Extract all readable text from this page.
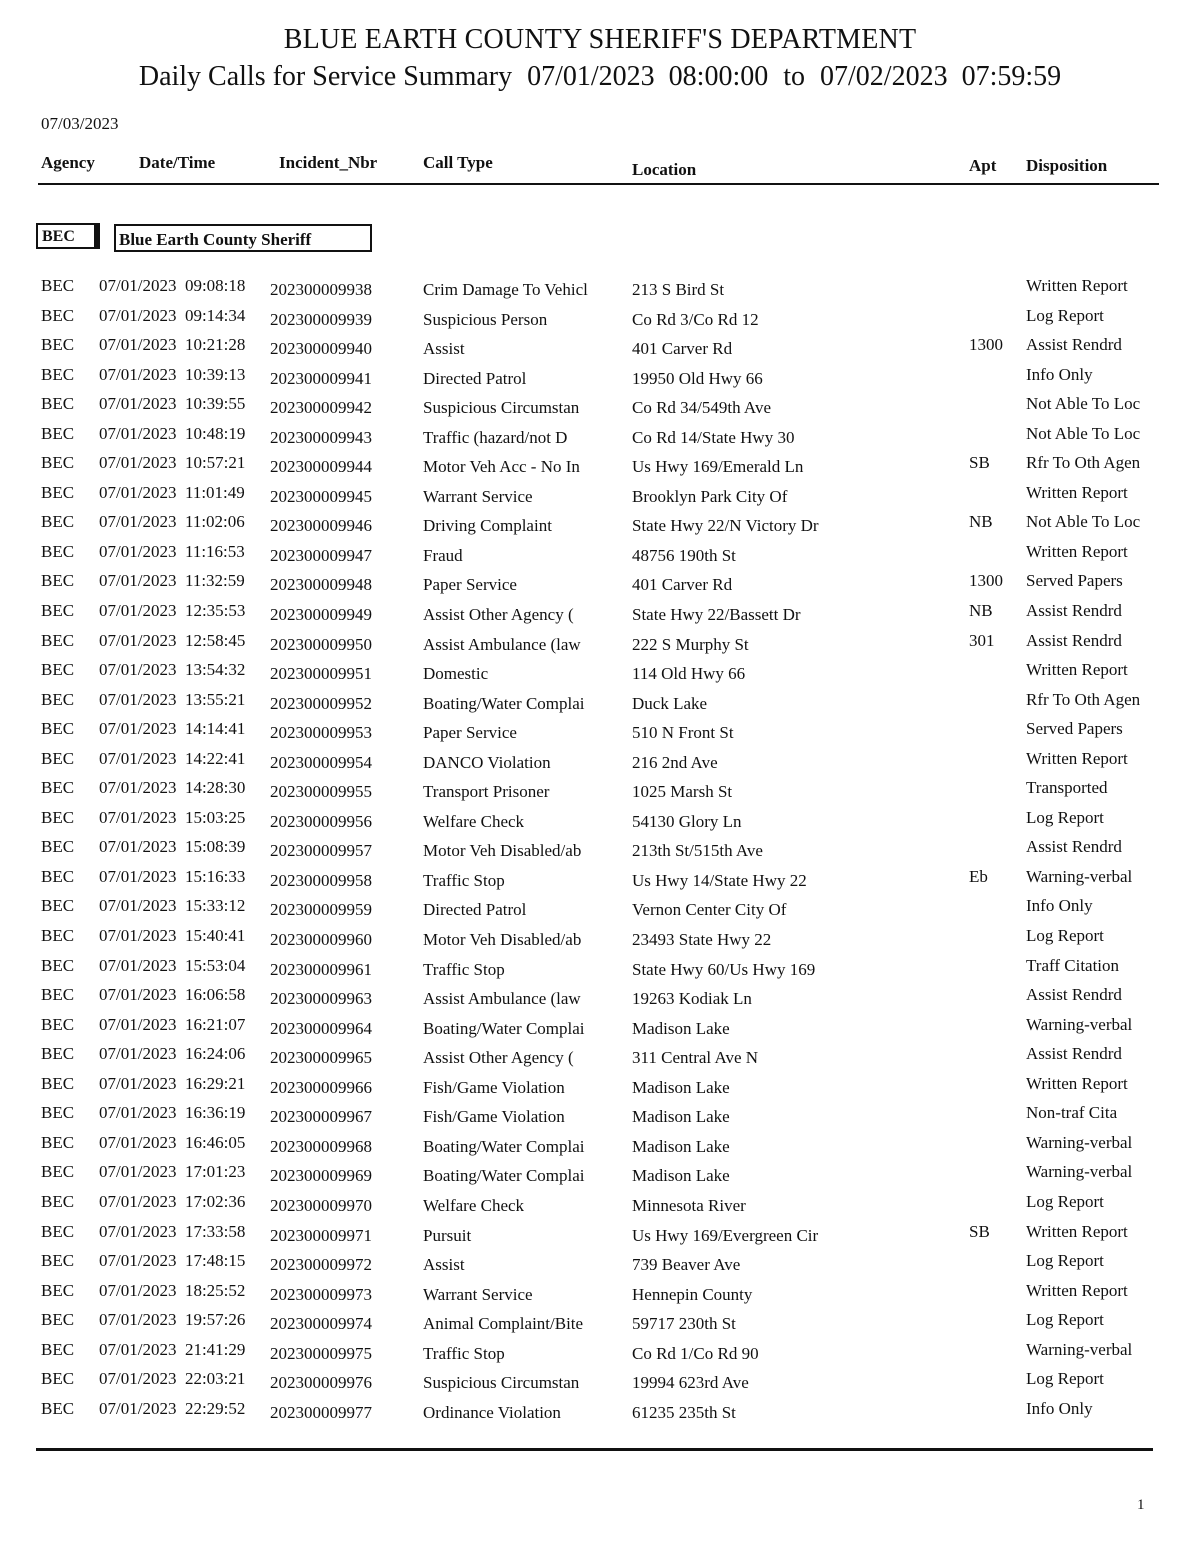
BLUE EARTH COUNTY SHERIFF'S DEPARTMENT
Daily Calls for Service Summary 07/01/2023  08:00:00 to 07/02/2023  07:59:59
07/03/2023
Agency	Date/Time	Incident_Nbr	Call Type	Location	Apt Disposition
BEC	Blue Earth County Sheriff
BEC 07/01/2023  09:08:18 202300009938	Crim Damage To Vehicl	213 S Bird St	Written Report
BEC 07/01/2023  09:14:34 202300009939	Suspicious Person	Co Rd 3/Co Rd 12	Log Report
BEC 07/01/2023  10:21:28 202300009940	Assist	401 Carver Rd	1300 Assist Rendrd
BEC 07/01/2023  10:39:13 202300009941	Directed Patrol	19950 Old Hwy 66	Info Only
BEC 07/01/2023  10:39:55 202300009942	Suspicious Circumstan	Co Rd 34/549th Ave	Not Able To Loc
BEC 07/01/2023  10:48:19 202300009943	Traffic (hazard/not D	Co Rd 14/State Hwy 30	Not Able To Loc
BEC 07/01/2023  10:57:21 202300009944	Motor Veh Acc - No In	Us Hwy 169/Emerald Ln	SB Rfr To Oth Agen
BEC 07/01/2023  11:01:49 202300009945	Warrant Service	Brooklyn Park City Of	Written Report
BEC 07/01/2023  11:02:06 202300009946	Driving Complaint	State Hwy 22/N Victory Dr	NB Not Able To Loc
BEC 07/01/2023  11:16:53 202300009947	Fraud	48756 190th St	Written Report
BEC 07/01/2023  11:32:59 202300009948	Paper Service	401 Carver Rd	1300 Served Papers
BEC 07/01/2023  12:35:53 202300009949	Assist Other Agency (	State Hwy 22/Bassett Dr	NB Assist Rendrd
BEC 07/01/2023  12:58:45 202300009950	Assist Ambulance (law	222 S Murphy St	301 Assist Rendrd
BEC 07/01/2023  13:54:32 202300009951	Domestic	114 Old Hwy 66	Written Report
BEC 07/01/2023  13:55:21 202300009952	Boating/Water Complai	Duck Lake	Rfr To Oth Agen
BEC 07/01/2023  14:14:41 202300009953	Paper Service	510 N Front St	Served Papers
BEC 07/01/2023  14:22:41 202300009954	DANCO Violation	216 2nd Ave	Written Report
BEC 07/01/2023  14:28:30 202300009955	Transport Prisoner	1025 Marsh St	Transported
BEC 07/01/2023  15:03:25 202300009956	Welfare Check	54130 Glory Ln	Log Report
BEC 07/01/2023  15:08:39 202300009957	Motor Veh Disabled/ab	213th St/515th Ave	Assist Rendrd
BEC 07/01/2023  15:16:33 202300009958	Traffic Stop	Us Hwy 14/State Hwy 22	Eb Warning-verbal
BEC 07/01/2023  15:33:12 202300009959	Directed Patrol	Vernon Center City Of	Info Only
BEC 07/01/2023  15:40:41 202300009960	Motor Veh Disabled/ab	23493 State Hwy 22	Log Report
BEC 07/01/2023  15:53:04 202300009961	Traffic Stop	State Hwy 60/Us Hwy 169	Traff Citation
BEC 07/01/2023  16:06:58 202300009963	Assist Ambulance (law	19263 Kodiak Ln	Assist Rendrd
BEC 07/01/2023  16:21:07 202300009964	Boating/Water Complai	Madison Lake	Warning-verbal
BEC 07/01/2023  16:24:06 202300009965	Assist Other Agency (	311 Central Ave N	Assist Rendrd
BEC 07/01/2023  16:29:21 202300009966	Fish/Game Violation	Madison Lake	Written Report
BEC 07/01/2023  16:36:19 202300009967	Fish/Game Violation	Madison Lake	Non-traf Cita
BEC 07/01/2023  16:46:05 202300009968	Boating/Water Complai	Madison Lake	Warning-verbal
BEC 07/01/2023  17:01:23 202300009969	Boating/Water Complai	Madison Lake	Warning-verbal
BEC 07/01/2023  17:02:36 202300009970	Welfare Check	Minnesota River	Log Report
BEC 07/01/2023  17:33:58 202300009971	Pursuit	Us Hwy 169/Evergreen Cir	SB Written Report
BEC 07/01/2023  17:48:15 202300009972	Assist	739 Beaver Ave	Log Report
BEC 07/01/2023  18:25:52 202300009973	Warrant Service	Hennepin County	Written Report
BEC 07/01/2023  19:57:26 202300009974	Animal Complaint/Bite	59717 230th St	Log Report
BEC 07/01/2023  21:41:29 202300009975	Traffic Stop	Co Rd 1/Co Rd 90	Warning-verbal
BEC 07/01/2023  22:03:21 202300009976	Suspicious Circumstan	19994 623rd Ave	Log Report
BEC 07/01/2023  22:29:52 202300009977	Ordinance Violation	61235 235th St	Info Only
1
